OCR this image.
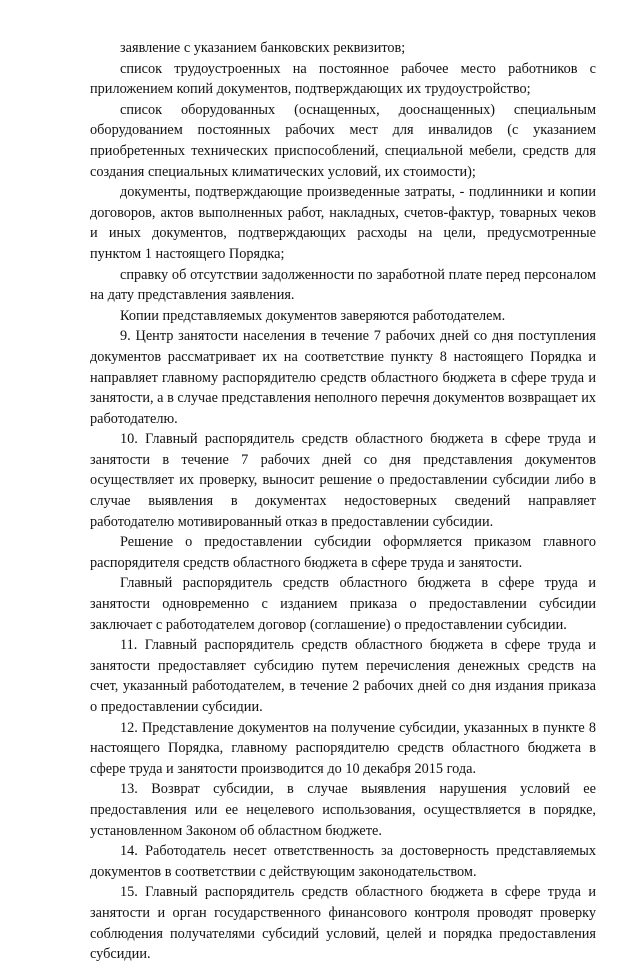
заявление с указанием банковских реквизитов;

список трудоустроенных на постоянное рабочее место работников с приложением копий документов, подтверждающих их трудоустройство;

список оборудованных (оснащенных, дооснащенных) специальным оборудованием постоянных рабочих мест для инвалидов (с указанием приобретенных технических приспособлений, специальной мебели, средств для создания специальных климатических условий, их стоимости);

документы, подтверждающие произведенные затраты, - подлинники и копии договоров, актов выполненных работ, накладных, счетов-фактур, товарных чеков и иных документов, подтверждающих расходы на цели, предусмотренные пунктом 1 настоящего Порядка;

справку об отсутствии задолженности по заработной плате перед персоналом на дату представления заявления.

Копии представляемых документов заверяются работодателем.

9. Центр занятости населения в течение 7 рабочих дней со дня поступления документов рассматривает их на соответствие пункту 8 настоящего Порядка и направляет главному распорядителю средств областного бюджета в сфере труда и занятости, а в случае представления неполного перечня документов возвращает их работодателю.

10. Главный распорядитель средств областного бюджета в сфере труда и занятости в течение 7 рабочих дней со дня представления документов осуществляет их проверку, выносит решение о предоставлении субсидии либо в случае выявления в документах недостоверных сведений направляет работодателю мотивированный отказ в предоставлении субсидии.

Решение о предоставлении субсидии оформляется приказом главного распорядителя средств областного бюджета в сфере труда и занятости.

Главный распорядитель средств областного бюджета в сфере труда и занятости одновременно с изданием приказа о предоставлении субсидии заключает с работодателем договор (соглашение) о предоставлении субсидии.

11. Главный распорядитель средств областного бюджета в сфере труда и занятости предоставляет субсидию путем перечисления денежных средств на счет, указанный работодателем, в течение 2 рабочих дней со дня издания приказа о предоставлении субсидии.

12. Представление документов на получение субсидии, указанных в пункте 8 настоящего Порядка, главному распорядителю средств областного бюджета в сфере труда и занятости производится до 10 декабря 2015 года.

13. Возврат субсидии, в случае выявления нарушения условий ее предоставления или ее нецелевого использования, осуществляется в порядке, установленном Законом об областном бюджете.

14. Работодатель несет ответственность за достоверность представляемых документов в соответствии с действующим законодательством.

15. Главный распорядитель средств областного бюджета в сфере труда и занятости и орган государственного финансового контроля проводят проверку соблюдения получателями субсидий условий, целей и порядка предоставления субсидии.
